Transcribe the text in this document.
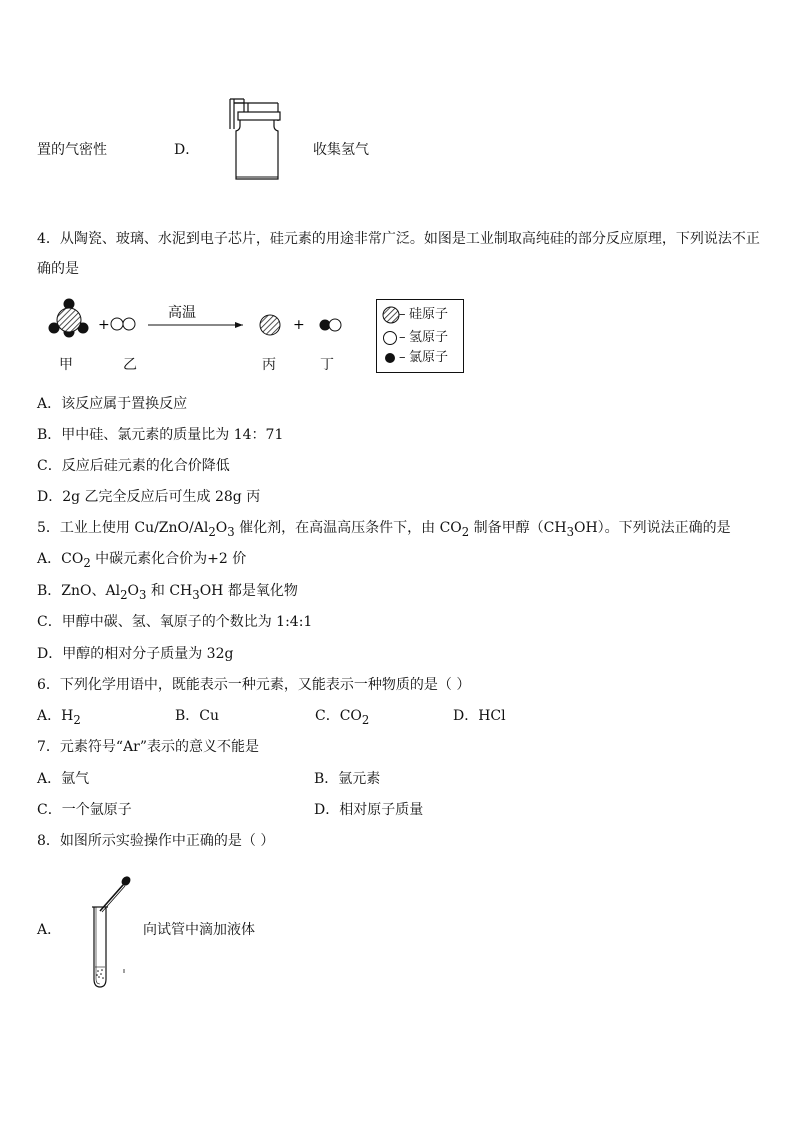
置的气密性	D．	收集氢气
4．从陶瓷、玻璃、水泥到电子芯片，硅元素的用途非常广泛。如图是工业制取高纯硅的部分反应原理，下列说法不正
确的是
+
高温
+
甲	乙	丙	丁
– 硅原子
– 氢原子
– 氯原子
A．该反应属于置换反应
B．甲中硅、氯元素的质量比为 14：71
C．反应后硅元素的化合价降低
D．2g 乙完全反应后可生成 28g 丙
5．工业上使用 $Cu/ZnO/Al_2O_3$ 催化剂，在高温高压条件下，由 $CO_2$ 制备甲醇$(CH_3OH)$。下列说法正确的是
A．$CO_2$ 中碳元素化合价为+2 价
B．ZnO、$Al_2O_3$ 和 $CH_3OH$ 都是氧化物
C．甲醇中碳、氢、氧原子的个数比为 1:4:1
D．甲醇的相对分子质量为 32g
6．下列化学用语中，既能表示一种元素，又能表示一种物质的是（ ）
A．$H_2$	B．Cu	C．$CO_2$	D．HCl
7．元素符号“Ar”表示的意义不能是
A．氩气	B．氩元素
C．一个氩原子	D．相对原子质量
8．如图所示实验操作中正确的是（ ）
A．	向试管中滴加液体
